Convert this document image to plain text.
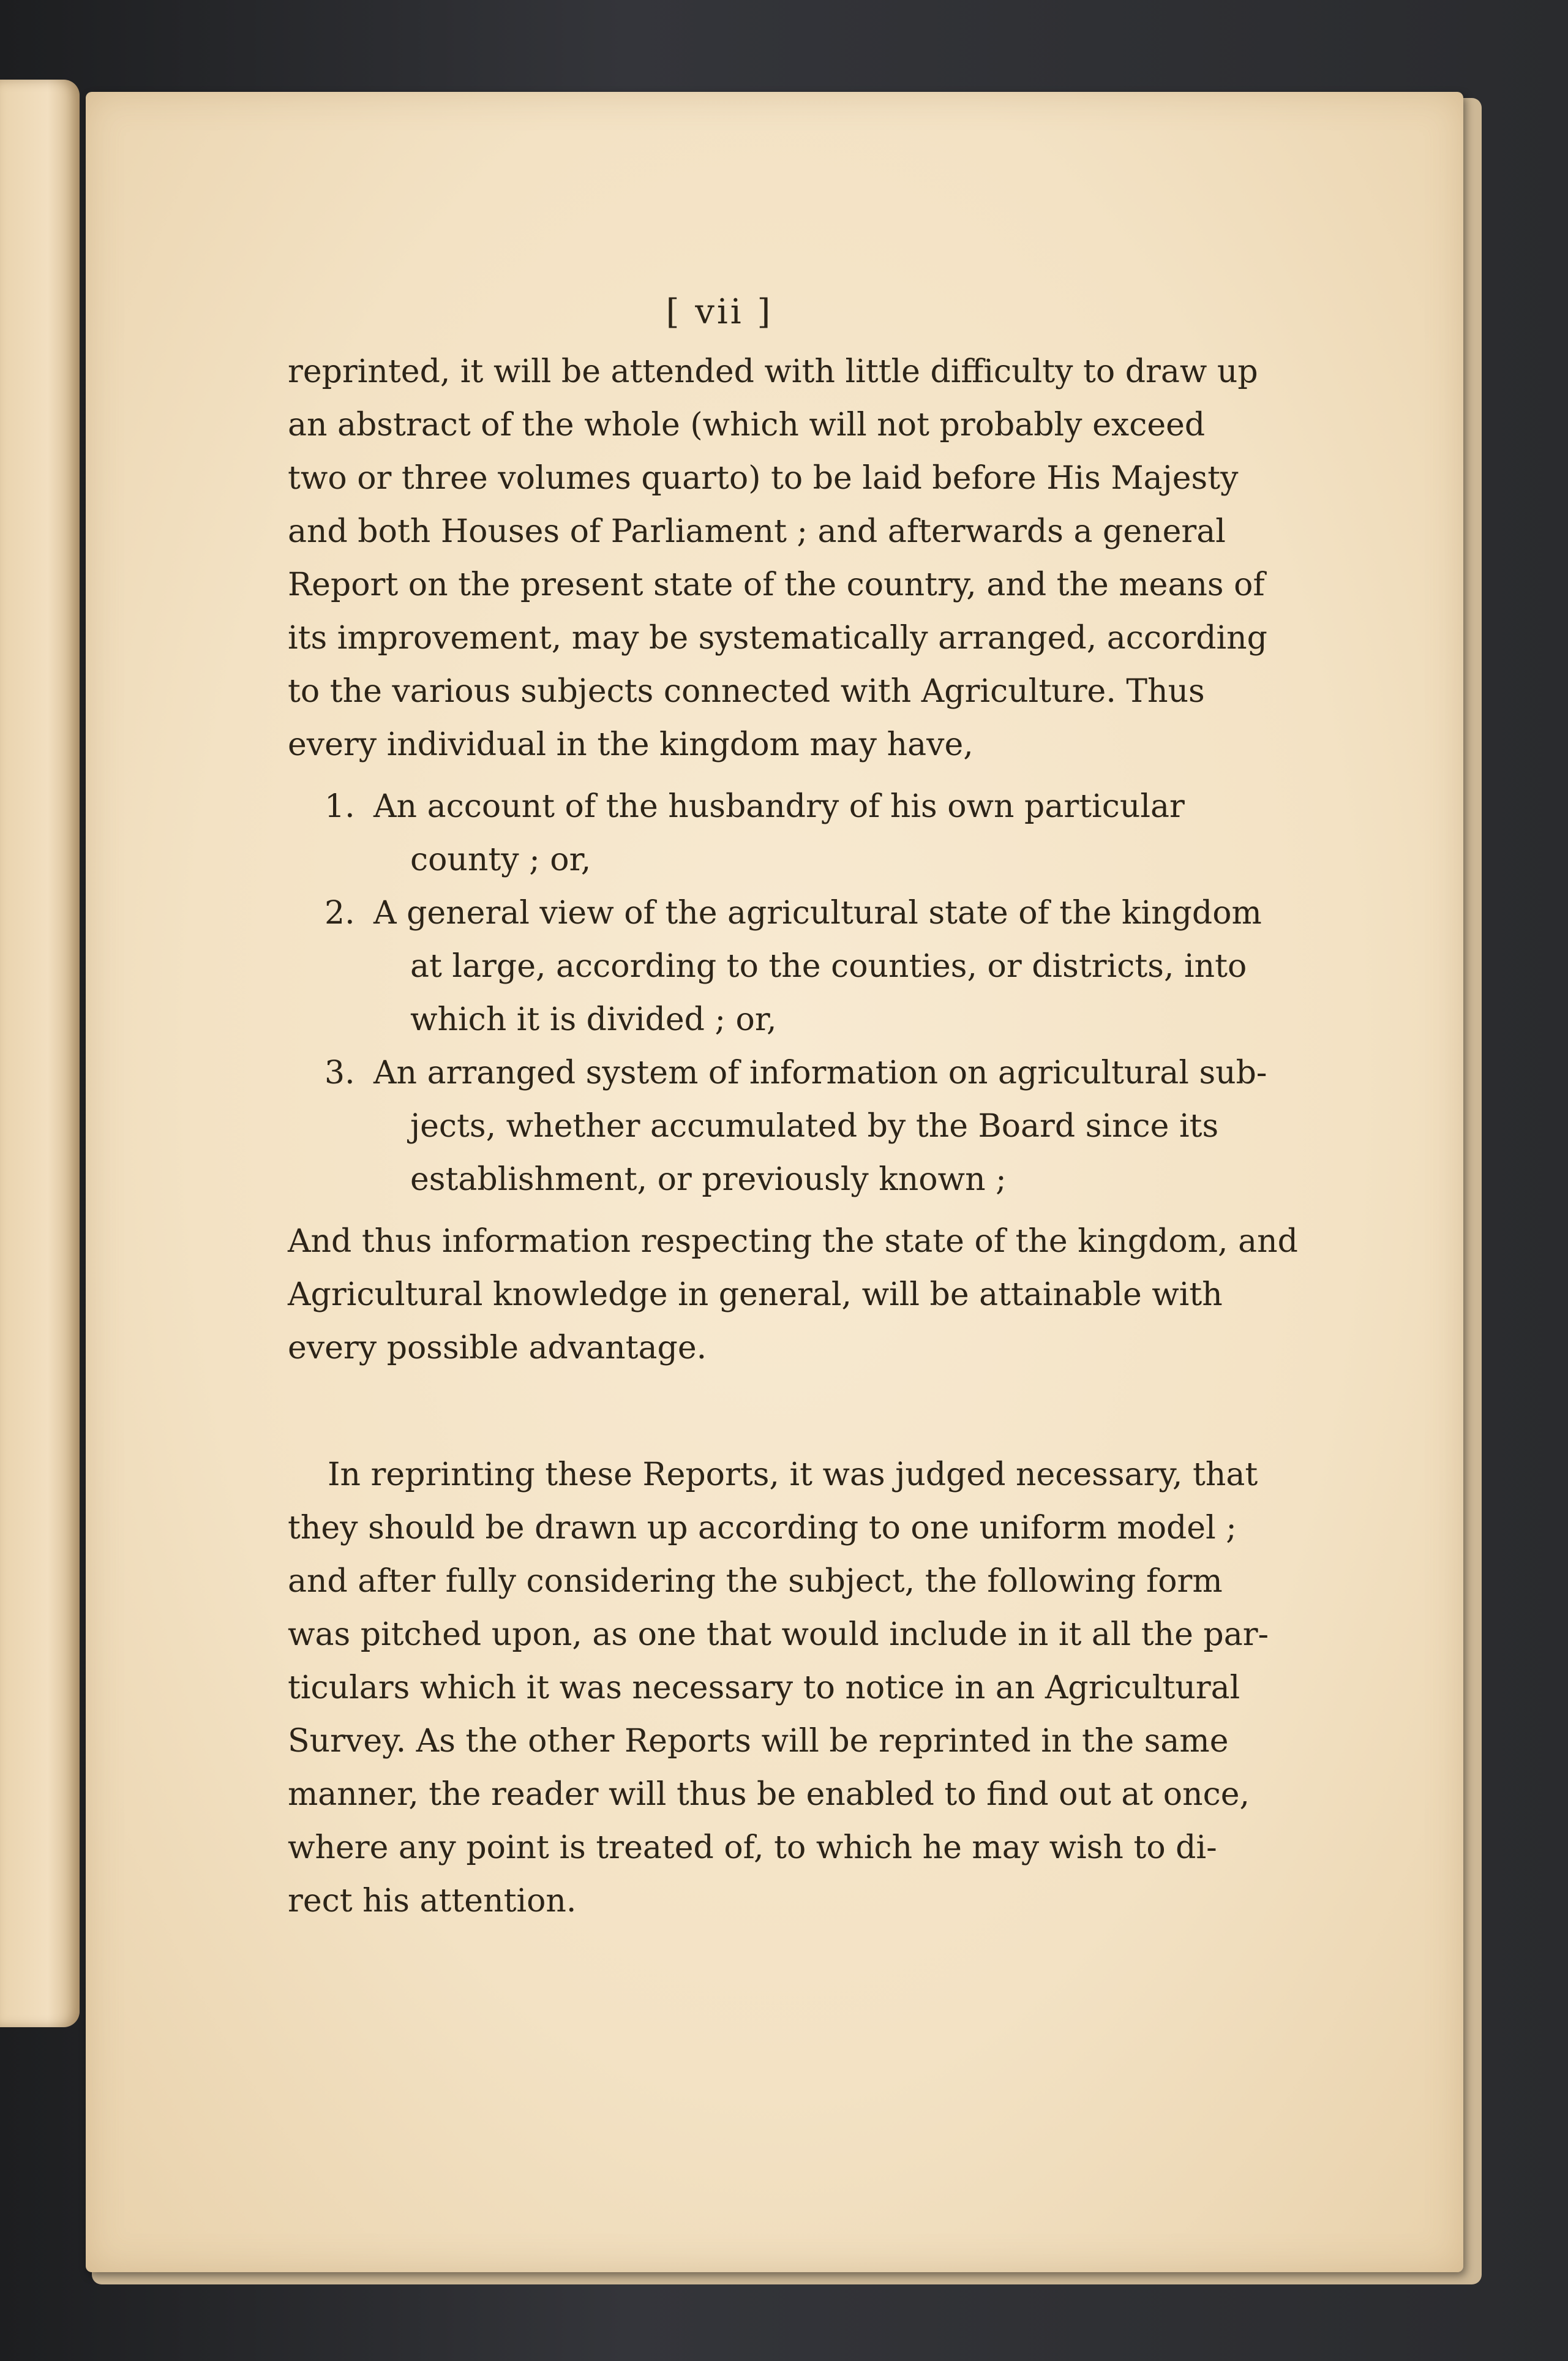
[ vii ]
reprinted, it will be attended with little difficulty to draw up
an abstract of the whole (which will not probably exceed
two or three volumes quarto) to be laid before His Majesty
and both Houses of Parliament ; and afterwards a general
Report on the present state of the country, and the means of
its improvement, may be systematically arranged, according
to the various subjects connected with Agriculture. Thus
every individual in the kingdom may have,
1. An account of the husbandry of his own particular
county ; or,
2. A general view of the agricultural state of the kingdom
at large, according to the counties, or districts, into
which it is divided ; or,
3. An arranged system of information on agricultural sub-
jects, whether accumulated by the Board since its
establishment, or previously known ;
And thus information respecting the state of the kingdom, and
Agricultural knowledge in general, will be attainable with
every possible advantage.
In reprinting these Reports, it was judged necessary, that
they should be drawn up according to one uniform model ;
and after fully considering the subject, the following form
was pitched upon, as one that would include in it all the par-
ticulars which it was necessary to notice in an Agricultural
Survey. As the other Reports will be reprinted in the same
manner, the reader will thus be enabled to find out at once,
where any point is treated of, to which he may wish to di-
rect his attention.
